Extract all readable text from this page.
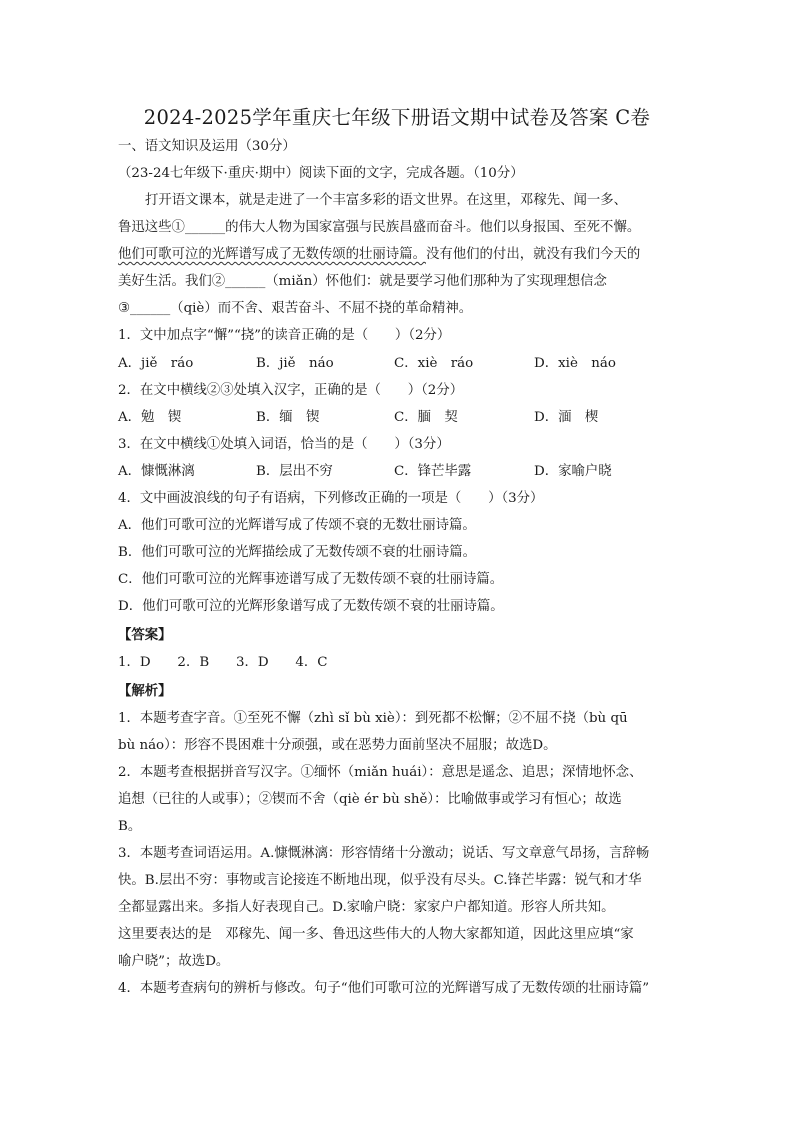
2024-2025学年重庆七年级下册语文期中试卷及答案 C卷
一、语文知识及运用（30分）
（23-24七年级下·重庆·期中）阅读下面的文字，完成各题。（10分）
打开语文课本，就是走进了一个丰富多彩的语文世界。在这里，邓稼先、闻一多、
鲁迅这些①______的伟大人物为国家富强与民族昌盛而奋斗。他们以身报国、至死不懈。
他们可歌可泣的光辉谱写成了无数传颂的壮丽诗篇。没有他们的付出，就没有我们今天的
美好生活。我们②______（miǎn）怀他们：就是要学习他们那种为了实现理想信念
③______（qiè）而不舍、艰苦奋斗、不屈不挠的革命精神。
1．文中加点字“懈”“挠”的读音正确的是（　　）（2分）
A．jiě　ráo	B．jiě　náo	C．xiè　ráo	D．xiè　náo
2．在文中横线②③处填入汉字，正确的是（　　）（2分）
A．勉　锲	B．缅　锲	C．腼　契	D．湎　楔
3．在文中横线①处填入词语，恰当的是（　　）（3分）
A．慷慨淋漓	B．层出不穷	C．锋芒毕露	D．家喻户晓
4．文中画波浪线的句子有语病，下列修改正确的一项是（　　）（3分）
A．他们可歌可泣的光辉谱写成了传颂不衰的无数壮丽诗篇。
B．他们可歌可泣的光辉描绘成了无数传颂不衰的壮丽诗篇。
C．他们可歌可泣的光辉事迹谱写成了无数传颂不衰的壮丽诗篇。
D．他们可歌可泣的光辉形象谱写成了无数传颂不衰的壮丽诗篇。
【答案】
1．D　　2．B　　3．D　　4．C
【解析】
1．本题考查字音。①至死不懈（zhì sǐ bù xiè）：到死都不松懈；②不屈不挠（bù qū
bù náo）：形容不畏困难十分顽强，或在恶势力面前坚决不屈服；故选D。
2．本题考查根据拼音写汉字。①缅怀（miǎn huái）：意思是遥念、追思；深情地怀念、
追想（已往的人或事）；②锲而不舍（qiè ér bù shě）：比喻做事或学习有恒心；故选
B。
3．本题考查词语运用。A.慷慨淋漓：形容情绪十分激动；说话、写文章意气昂扬，言辞畅
快。B.层出不穷：事物或言论接连不断地出现，似乎没有尽头。C.锋芒毕露：锐气和才华
全都显露出来。多指人好表现自己。D.家喻户晓：家家户户都知道。形容人所共知。
这里要表达的是　邓稼先、闻一多、鲁迅这些伟大的人物大家都知道，因此这里应填“家
喻户晓”；故选D。
4．本题考查病句的辨析与修改。句子“他们可歌可泣的光辉谱写成了无数传颂的壮丽诗篇”
